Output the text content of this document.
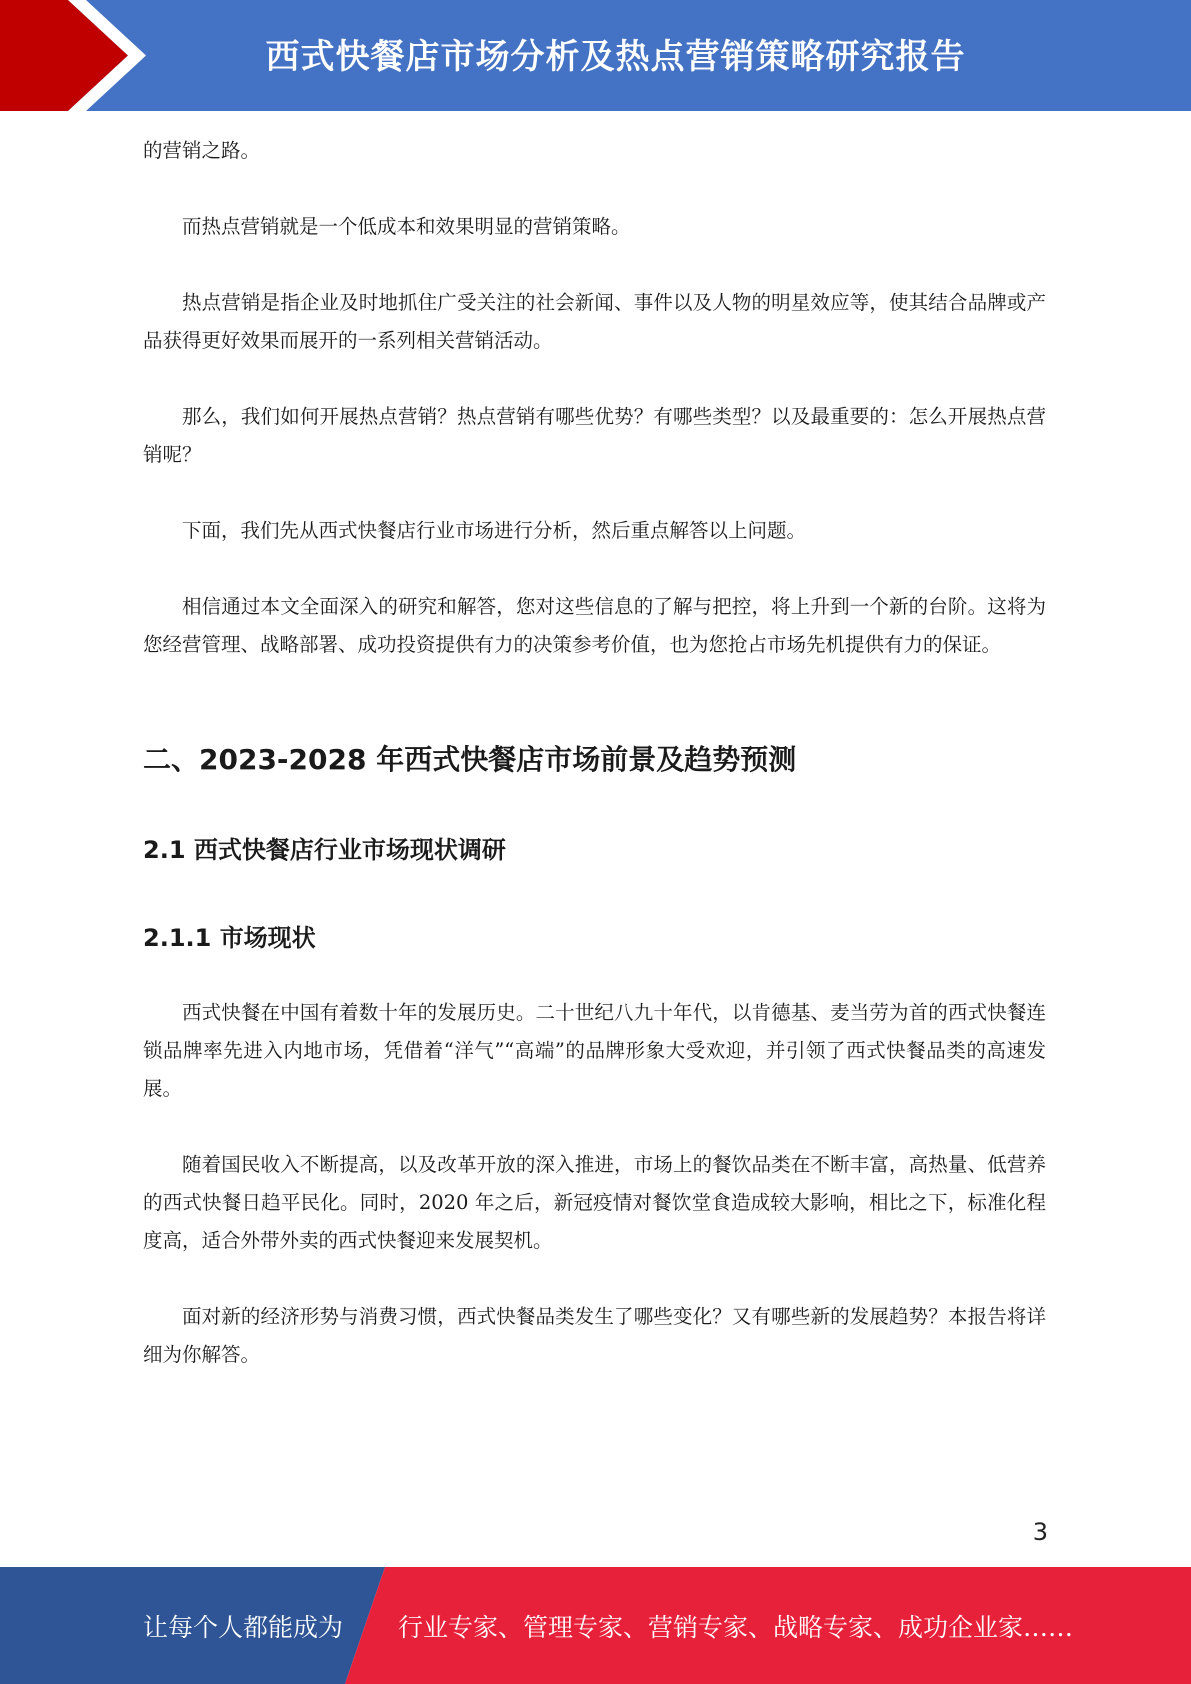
西式快餐店市场分析及热点营销策略研究报告

的营销之路。

而热点营销就是一个低成本和效果明显的营销策略。

热点营销是指企业及时地抓住广受关注的社会新闻、事件以及人物的明星效应等，使其结合品牌或产品获得更好效果而展开的一系列相关营销活动。

那么，我们如何开展热点营销？热点营销有哪些优势？有哪些类型？以及最重要的：怎么开展热点营销呢？

下面，我们先从西式快餐店行业市场进行分析，然后重点解答以上问题。

相信通过本文全面深入的研究和解答，您对这些信息的了解与把控，将上升到一个新的台阶。这将为您经营管理、战略部署、成功投资提供有力的决策参考价值，也为您抢占市场先机提供有力的保证。

二、2023-2028 年西式快餐店市场前景及趋势预测
2.1 西式快餐店行业市场现状调研
2.1.1 市场现状

西式快餐在中国有着数十年的发展历史。二十世纪八九十年代，以肯德基、麦当劳为首的西式快餐连锁品牌率先进入内地市场，凭借着“洋气”“高端”的品牌形象大受欢迎，并引领了西式快餐品类的高速发展。

随着国民收入不断提高，以及改革开放的深入推进，市场上的餐饮品类在不断丰富，高热量、低营养的西式快餐日趋平民化。同时，2020 年之后，新冠疫情对餐饮堂食造成较大影响，相比之下，标准化程度高，适合外带外卖的西式快餐迎来发展契机。

面对新的经济形势与消费习惯，西式快餐品类发生了哪些变化？又有哪些新的发展趋势？本报告将详细为你解答。

3
让每个人都能成为 行业专家、管理专家、营销专家、战略专家、成功企业家……
